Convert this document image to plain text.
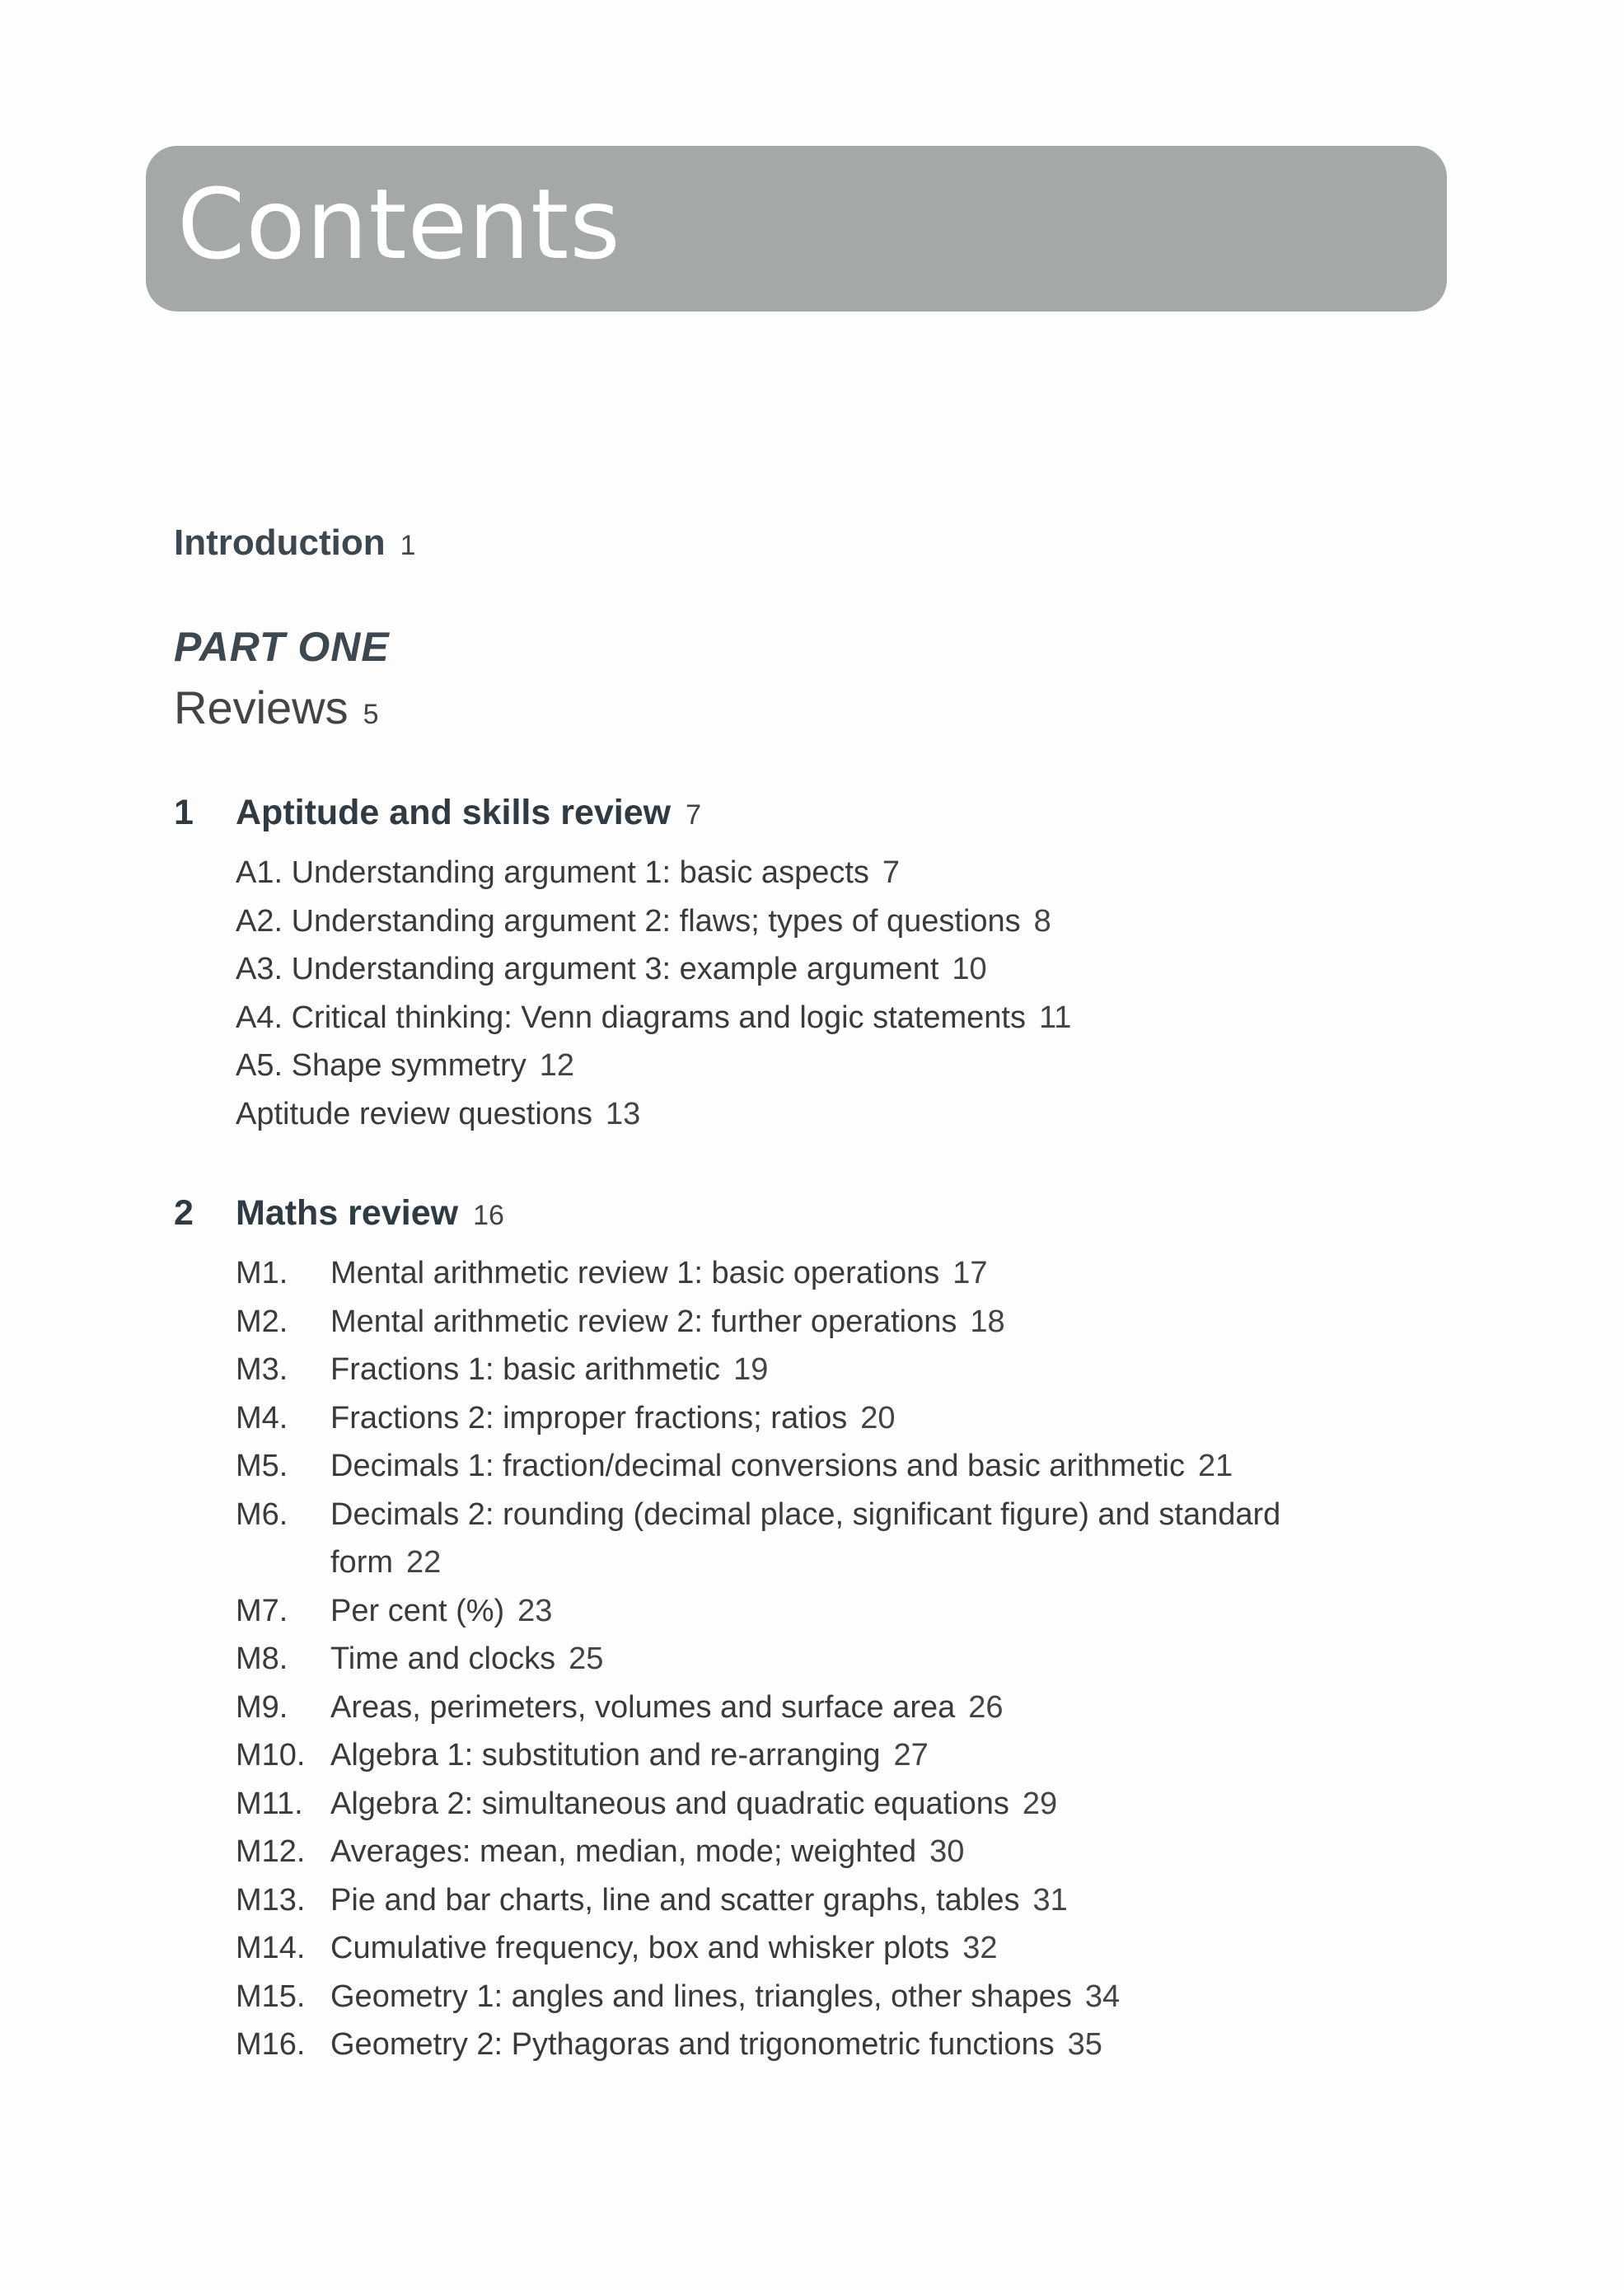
Contents
Introduction 1
PART ONE
Reviews 5
1 Aptitude and skills review 7
A1. Understanding argument 1: basic aspects 7
A2. Understanding argument 2: flaws; types of questions 8
A3. Understanding argument 3: example argument 10
A4. Critical thinking: Venn diagrams and logic statements 11
A5. Shape symmetry 12
Aptitude review questions 13
2 Maths review 16
M1. Mental arithmetic review 1: basic operations 17
M2. Mental arithmetic review 2: further operations 18
M3. Fractions 1: basic arithmetic 19
M4. Fractions 2: improper fractions; ratios 20
M5. Decimals 1: fraction/decimal conversions and basic arithmetic 21
M6. Decimals 2: rounding (decimal place, significant figure) and standard
form 22
M7. Per cent (%) 23
M8. Time and clocks 25
M9. Areas, perimeters, volumes and surface area 26
M10. Algebra 1: substitution and re-arranging 27
M11. Algebra 2: simultaneous and quadratic equations 29
M12. Averages: mean, median, mode; weighted 30
M13. Pie and bar charts, line and scatter graphs, tables 31
M14. Cumulative frequency, box and whisker plots 32
M15. Geometry 1: angles and lines, triangles, other shapes 34
M16. Geometry 2: Pythagoras and trigonometric functions 35
